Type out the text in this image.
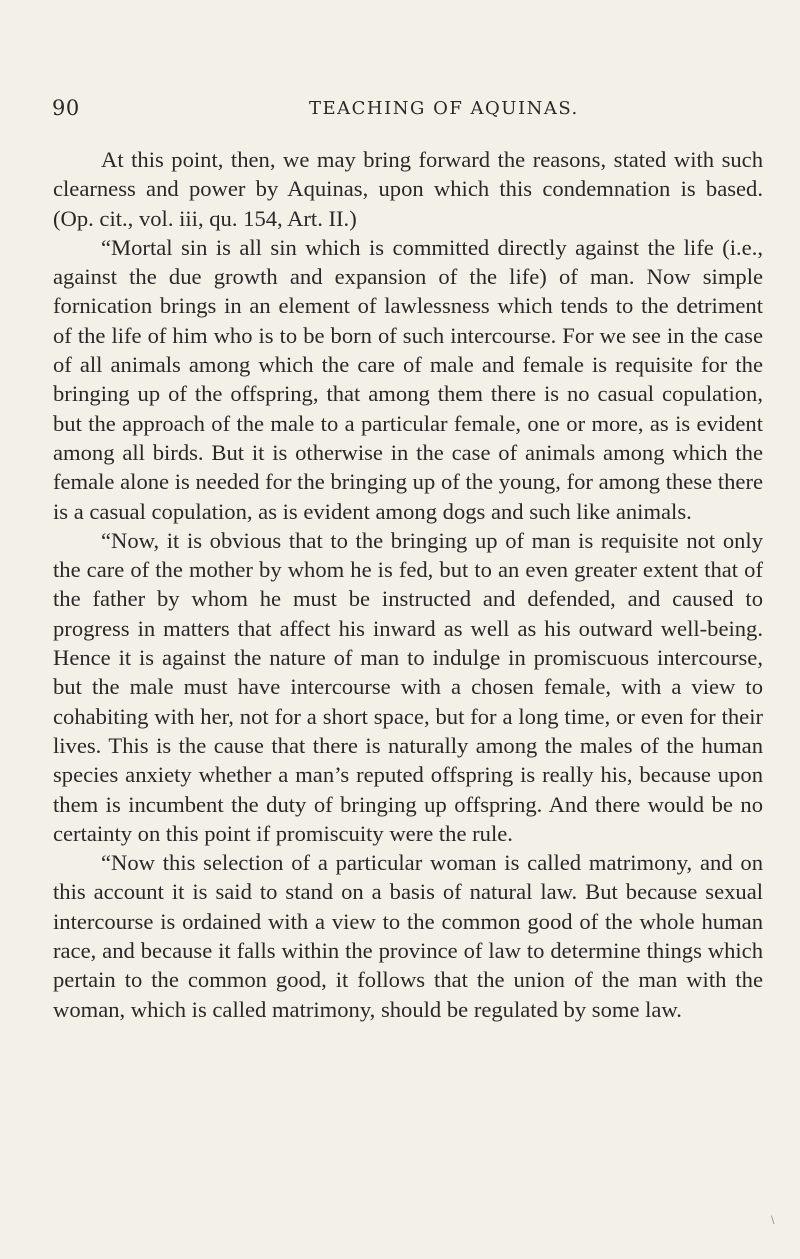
90	TEACHING OF AQUINAS.

At this point, then, we may bring forward the reasons, stated with such clearness and power by Aquinas, upon which this condemnation is based. (Op. cit., vol. iii, qu. 154, Art. II.)

“Mortal sin is all sin which is committed directly against the life (i.e., against the due growth and expansion of the life) of man. Now simple fornication brings in an element of lawlessness which tends to the detriment of the life of him who is to be born of such intercourse. For we see in the case of all animals among which the care of male and female is requisite for the bringing up of the offspring, that among them there is no casual copulation, but the approach of the male to a particular female, one or more, as is evident among all birds. But it is otherwise in the case of animals among which the female alone is needed for the bringing up of the young, for among these there is a casual copulation, as is evident among dogs and such like animals.

“Now, it is obvious that to the bringing up of man is requisite not only the care of the mother by whom he is fed, but to an even greater extent that of the father by whom he must be instructed and defended, and caused to progress in matters that affect his inward as well as his outward well-being. Hence it is against the nature of man to indulge in promiscuous intercourse, but the male must have intercourse with a chosen female, with a view to cohabiting with her, not for a short space, but for a long time, or even for their lives. This is the cause that there is naturally among the males of the human species anxiety whether a man’s reputed offspring is really his, because upon them is incumbent the duty of bringing up offspring. And there would be no certainty on this point if promiscuity were the rule.

“Now this selection of a particular woman is called matrimony, and on this account it is said to stand on a basis of natural law. But because sexual intercourse is ordained with a view to the common good of the whole human race, and because it falls within the province of law to determine things which pertain to the common good, it follows that the union of the man with the woman, which is called matrimony, should be regulated by some law.

\
